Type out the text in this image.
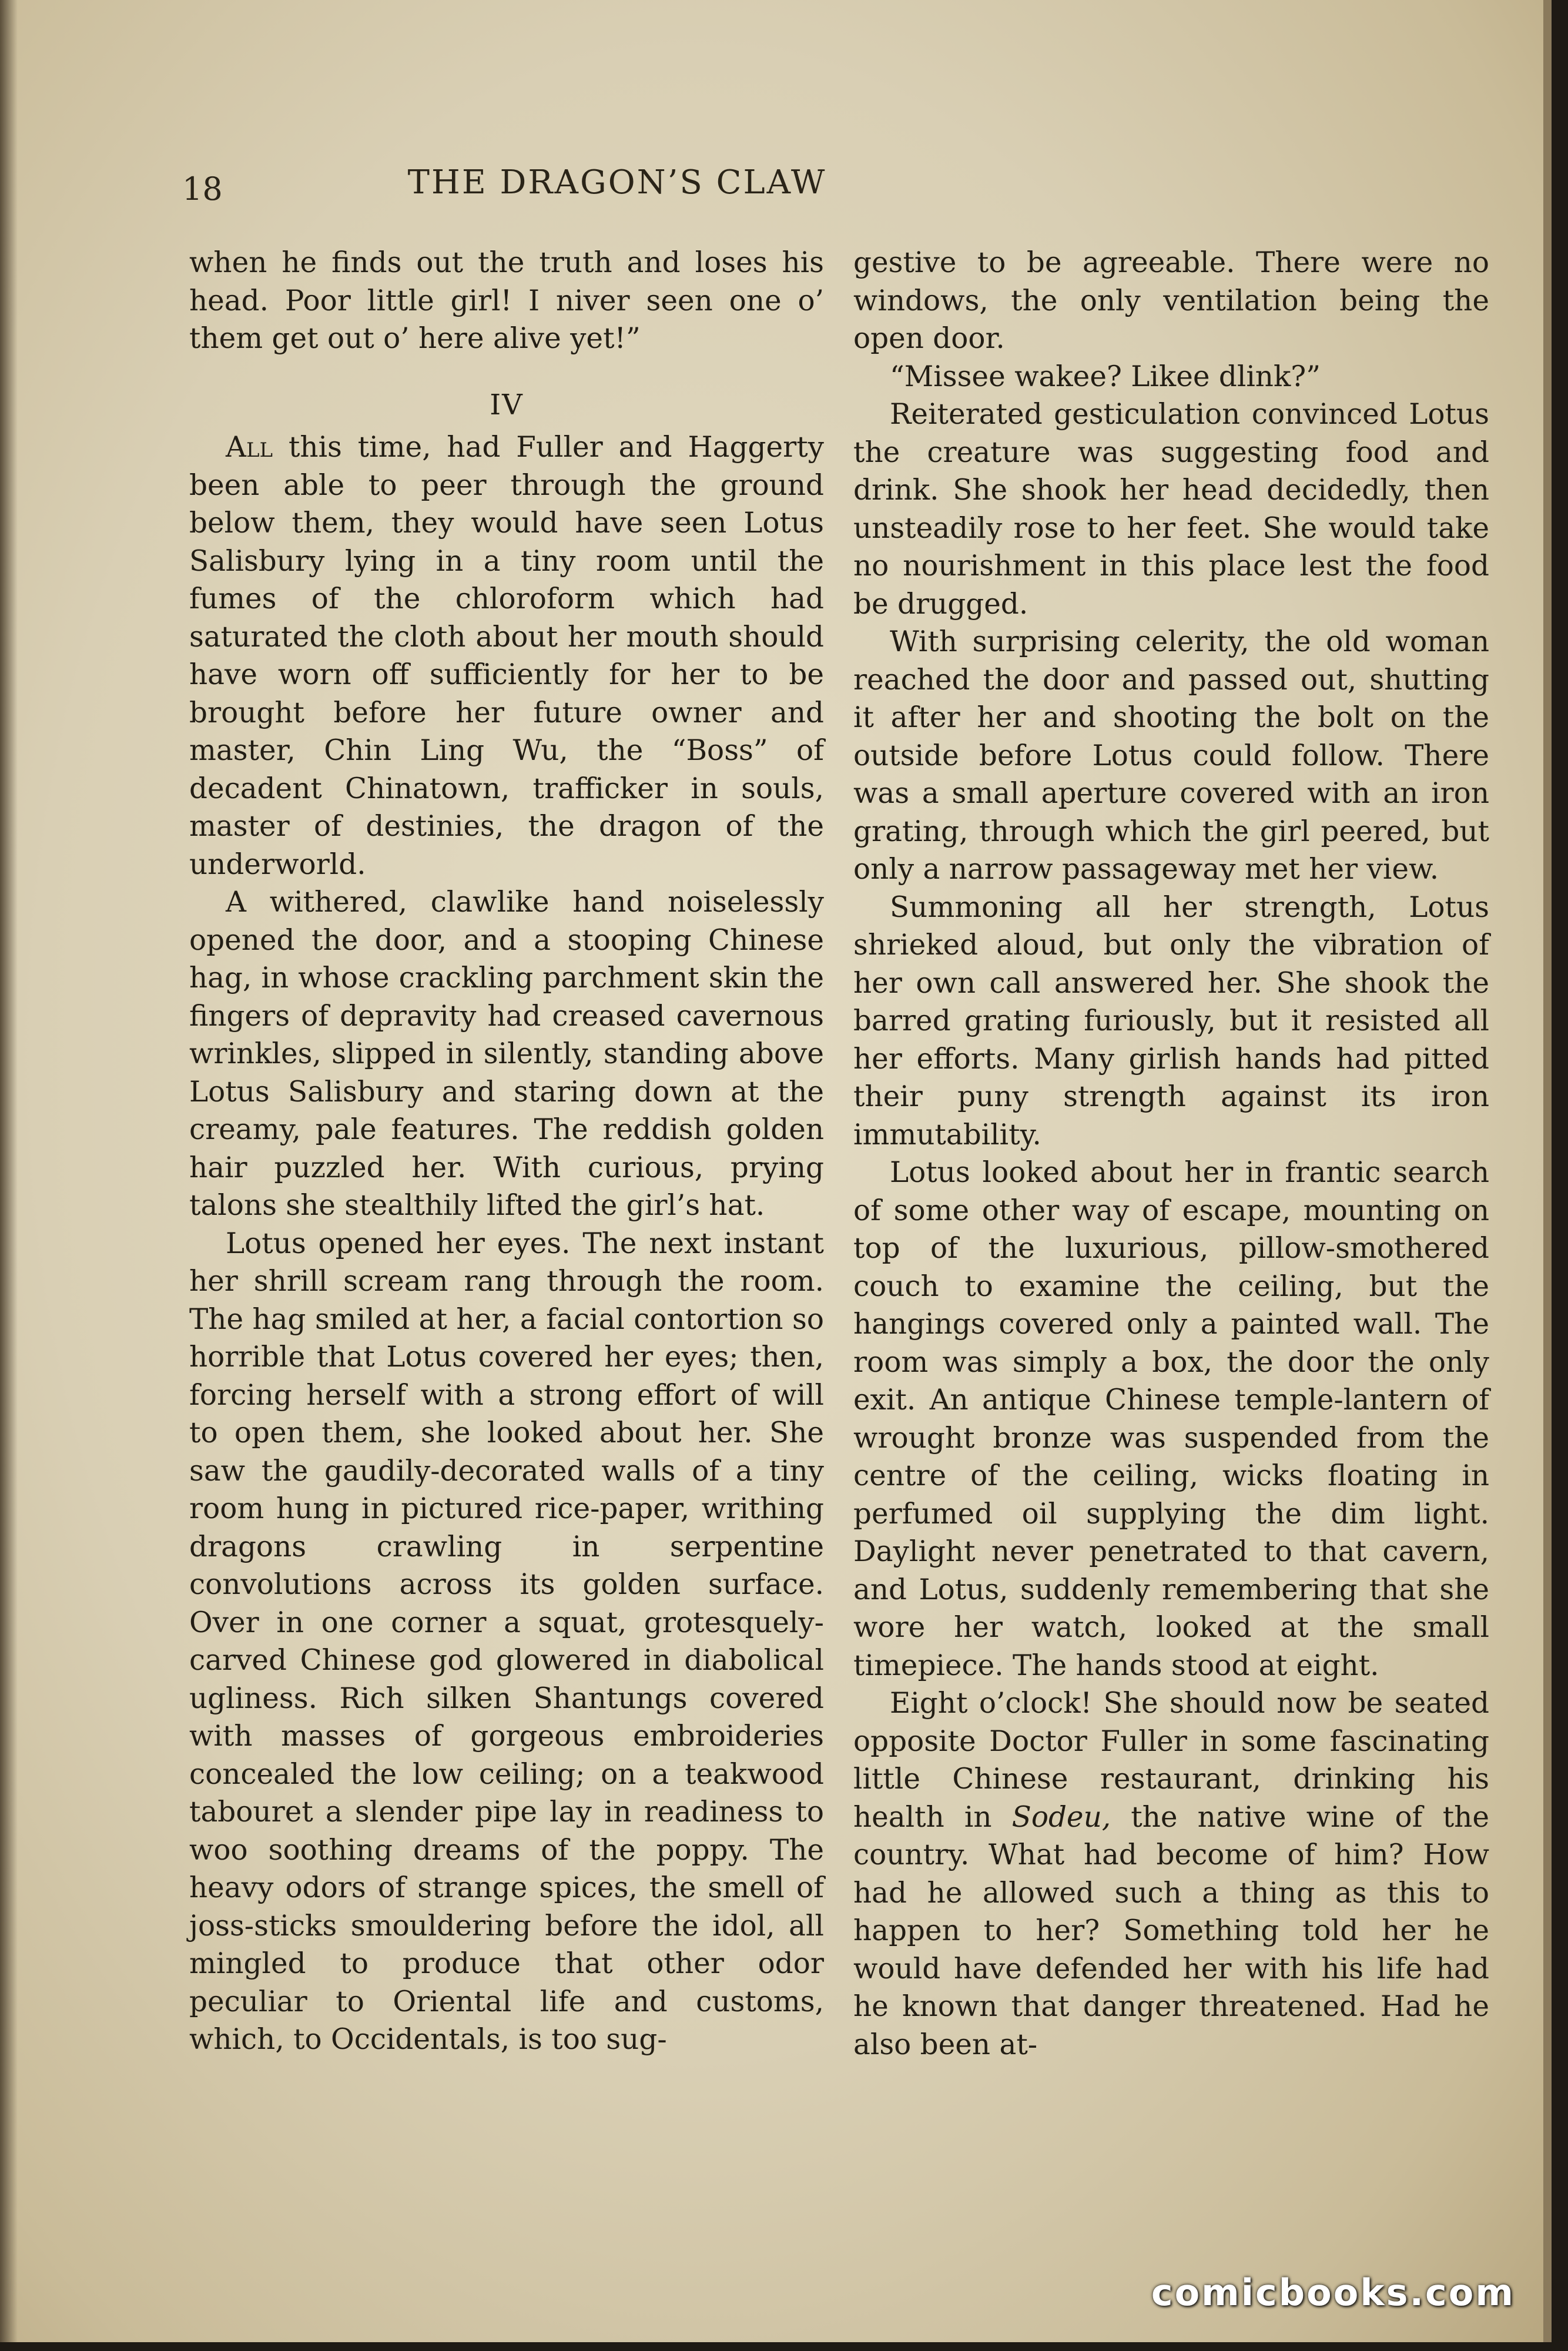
18	THE DRAGON’S CLAW

when he finds out the truth and loses his head. Poor little girl! I niver seen one o’ them get out o’ here alive yet!”

IV

All this time, had Fuller and Haggerty been able to peer through the ground below them, they would have seen Lotus Salisbury lying in a tiny room until the fumes of the chloroform which had saturated the cloth about her mouth should have worn off sufficiently for her to be brought before her future owner and master, Chin Ling Wu, the “Boss” of decadent Chinatown, trafficker in souls, master of destinies, the dragon of the underworld.

A withered, clawlike hand noiselessly opened the door, and a stooping Chinese hag, in whose crackling parchment skin the fingers of depravity had creased cavernous wrinkles, slipped in silently, standing above Lotus Salisbury and staring down at the creamy, pale features. The reddish golden hair puzzled her. With curious, prying talons she stealthily lifted the girl’s hat.

Lotus opened her eyes. The next instant her shrill scream rang through the room. The hag smiled at her, a facial contortion so horrible that Lotus covered her eyes; then, forcing herself with a strong effort of will to open them, she looked about her. She saw the gaudily-decorated walls of a tiny room hung in pictured rice-paper, writhing dragons crawling in serpentine convolutions across its golden surface. Over in one corner a squat, grotesquely-carved Chinese god glowered in diabolical ugliness. Rich silken Shantungs covered with masses of gorgeous embroideries concealed the low ceiling; on a teakwood tabouret a slender pipe lay in readiness to woo soothing dreams of the poppy. The heavy odors of strange spices, the smell of joss-sticks smouldering before the idol, all mingled to produce that other odor peculiar to Oriental life and customs, which, to Occidentals, is too sug-

gestive to be agreeable. There were no windows, the only ventilation being the open door.

“Missee wakee? Likee dlink?”

Reiterated gesticulation convinced Lotus the creature was suggesting food and drink. She shook her head decidedly, then unsteadily rose to her feet. She would take no nourishment in this place lest the food be drugged.

With surprising celerity, the old woman reached the door and passed out, shutting it after her and shooting the bolt on the outside before Lotus could follow. There was a small aperture covered with an iron grating, through which the girl peered, but only a narrow passageway met her view.

Summoning all her strength, Lotus shrieked aloud, but only the vibration of her own call answered her. She shook the barred grating furiously, but it resisted all her efforts. Many girlish hands had pitted their puny strength against its iron immutability.

Lotus looked about her in frantic search of some other way of escape, mounting on top of the luxurious, pillow-smothered couch to examine the ceiling, but the hangings covered only a painted wall. The room was simply a box, the door the only exit. An antique Chinese temple-lantern of wrought bronze was suspended from the centre of the ceiling, wicks floating in perfumed oil supplying the dim light. Daylight never penetrated to that cavern, and Lotus, suddenly remembering that she wore her watch, looked at the small timepiece. The hands stood at eight.

Eight o’clock! She should now be seated opposite Doctor Fuller in some fascinating little Chinese restaurant, drinking his health in Sodeu, the native wine of the country. What had become of him? How had he allowed such a thing as this to happen to her? Something told her he would have defended her with his life had he known that danger threatened. Had he also been at-

comicbooks.com
